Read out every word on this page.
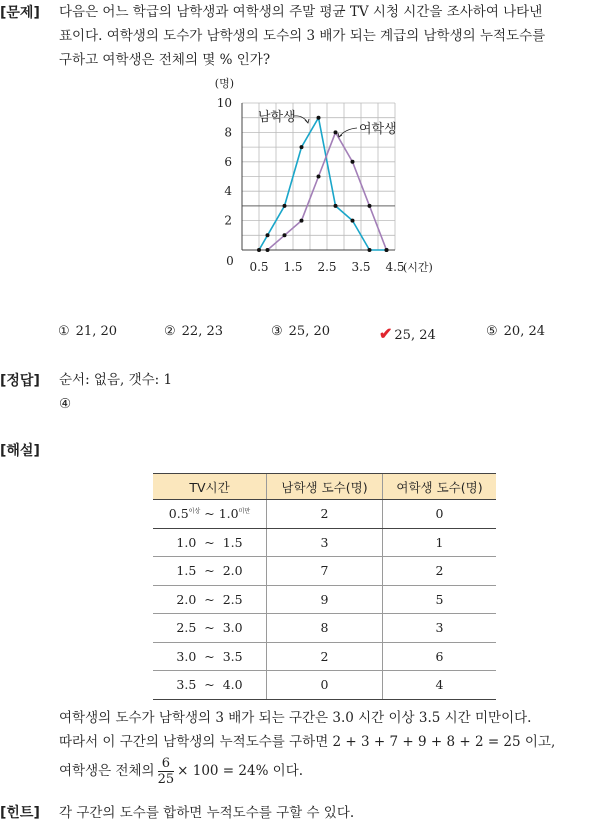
[문제] 다음은 어느 학급의 남학생과 여학생의 주말 평균 TV 시청 시간을 조사하여 나타낸
표이다. 여학생의 도수가 남학생의 도수의 3 배가 되는 계급의 남학생의 누적도수를
구하고 여학생은 전체의 몇 % 인가?
(명)
10
8
6
4
2
0 0.5 1.5 2.5 3.5 4.5
(시간)
남학생
여학생
① 21, 20	② 22, 23	③ 25, 20	✔ 25, 24	⑤ 20, 24
[정답] 순서: 없음, 갯수: 1
④
[해설]
TV시간	남학생 도수(명)	여학생 도수(명)
$0.5^{이상}$ ~ $1.0^{미만}$	2	0
1.0 ~ 1.5	3	1
1.5 ~ 2.0	7	2
2.0 ~ 2.5	9	5
2.5 ~ 3.0	8	3
3.0 ~ 3.5	2	6
3.5 ~ 4.0	0	4
여학생의 도수가 남학생의 3 배가 되는 구간은 3.0 시간 이상 3.5 시간 미만이다.
따라서 이 구간의 남학생의 누적도수를 구하면 2 + 3 + 7 + 9 + 8 + 2 = 25 이고,
여학생은 전체의 $\frac{6}{25} \times 100 = 24\%$ 이다.
[힌트] 각 구간의 도수를 합하면 누적도수를 구할 수 있다.
